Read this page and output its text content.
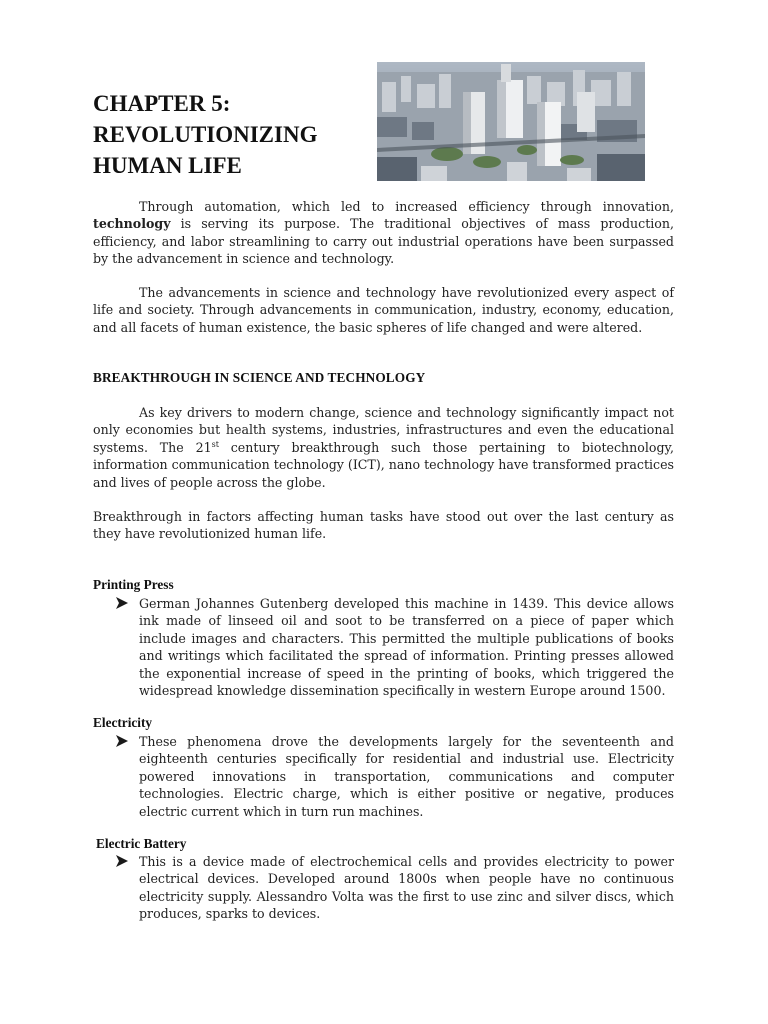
CHAPTER 5:
REVOLUTIONIZING
HUMAN LIFE

Through automation, which led to increased efficiency through innovation, technology is serving its purpose. The traditional objectives of mass production, efficiency, and labor streamlining to carry out industrial operations have been surpassed by the advancement in science and technology.

The advancements in science and technology have revolutionized every aspect of life and society. Through advancements in communication, industry, economy, education, and all facets of human existence, the basic spheres of life changed and were altered.

BREAKTHROUGH IN SCIENCE AND TECHNOLOGY

As key drivers to modern change, science and technology significantly impact not only economies but health systems, industries, infrastructures and even the educational systems. The 21st century breakthrough such those pertaining to biotechnology, information communication technology (ICT), nano technology have transformed practices and lives of people across the globe.

Breakthrough in factors affecting human tasks have stood out over the last century as they have revolutionized human life.

Printing Press

German Johannes Gutenberg developed this machine in 1439. This device allows ink made of linseed oil and soot to be transferred on a piece of paper which include images and characters. This permitted the multiple publications of books and writings which facilitated the spread of information. Printing presses allowed the exponential increase of speed in the printing of books, which triggered the widespread knowledge dissemination specifically in western Europe around 1500.

Electricity

These phenomena drove the developments largely for the seventeenth and eighteenth centuries specifically for residential and industrial use. Electricity powered innovations in transportation, communications and computer technologies. Electric charge, which is either positive or negative, produces electric current which in turn run machines.

Electric Battery

This is a device made of electrochemical cells and provides electricity to power electrical devices. Developed around 1800s when people have no continuous electricity supply. Alessandro Volta was the first to use zinc and silver discs, which produces, sparks to devices.
